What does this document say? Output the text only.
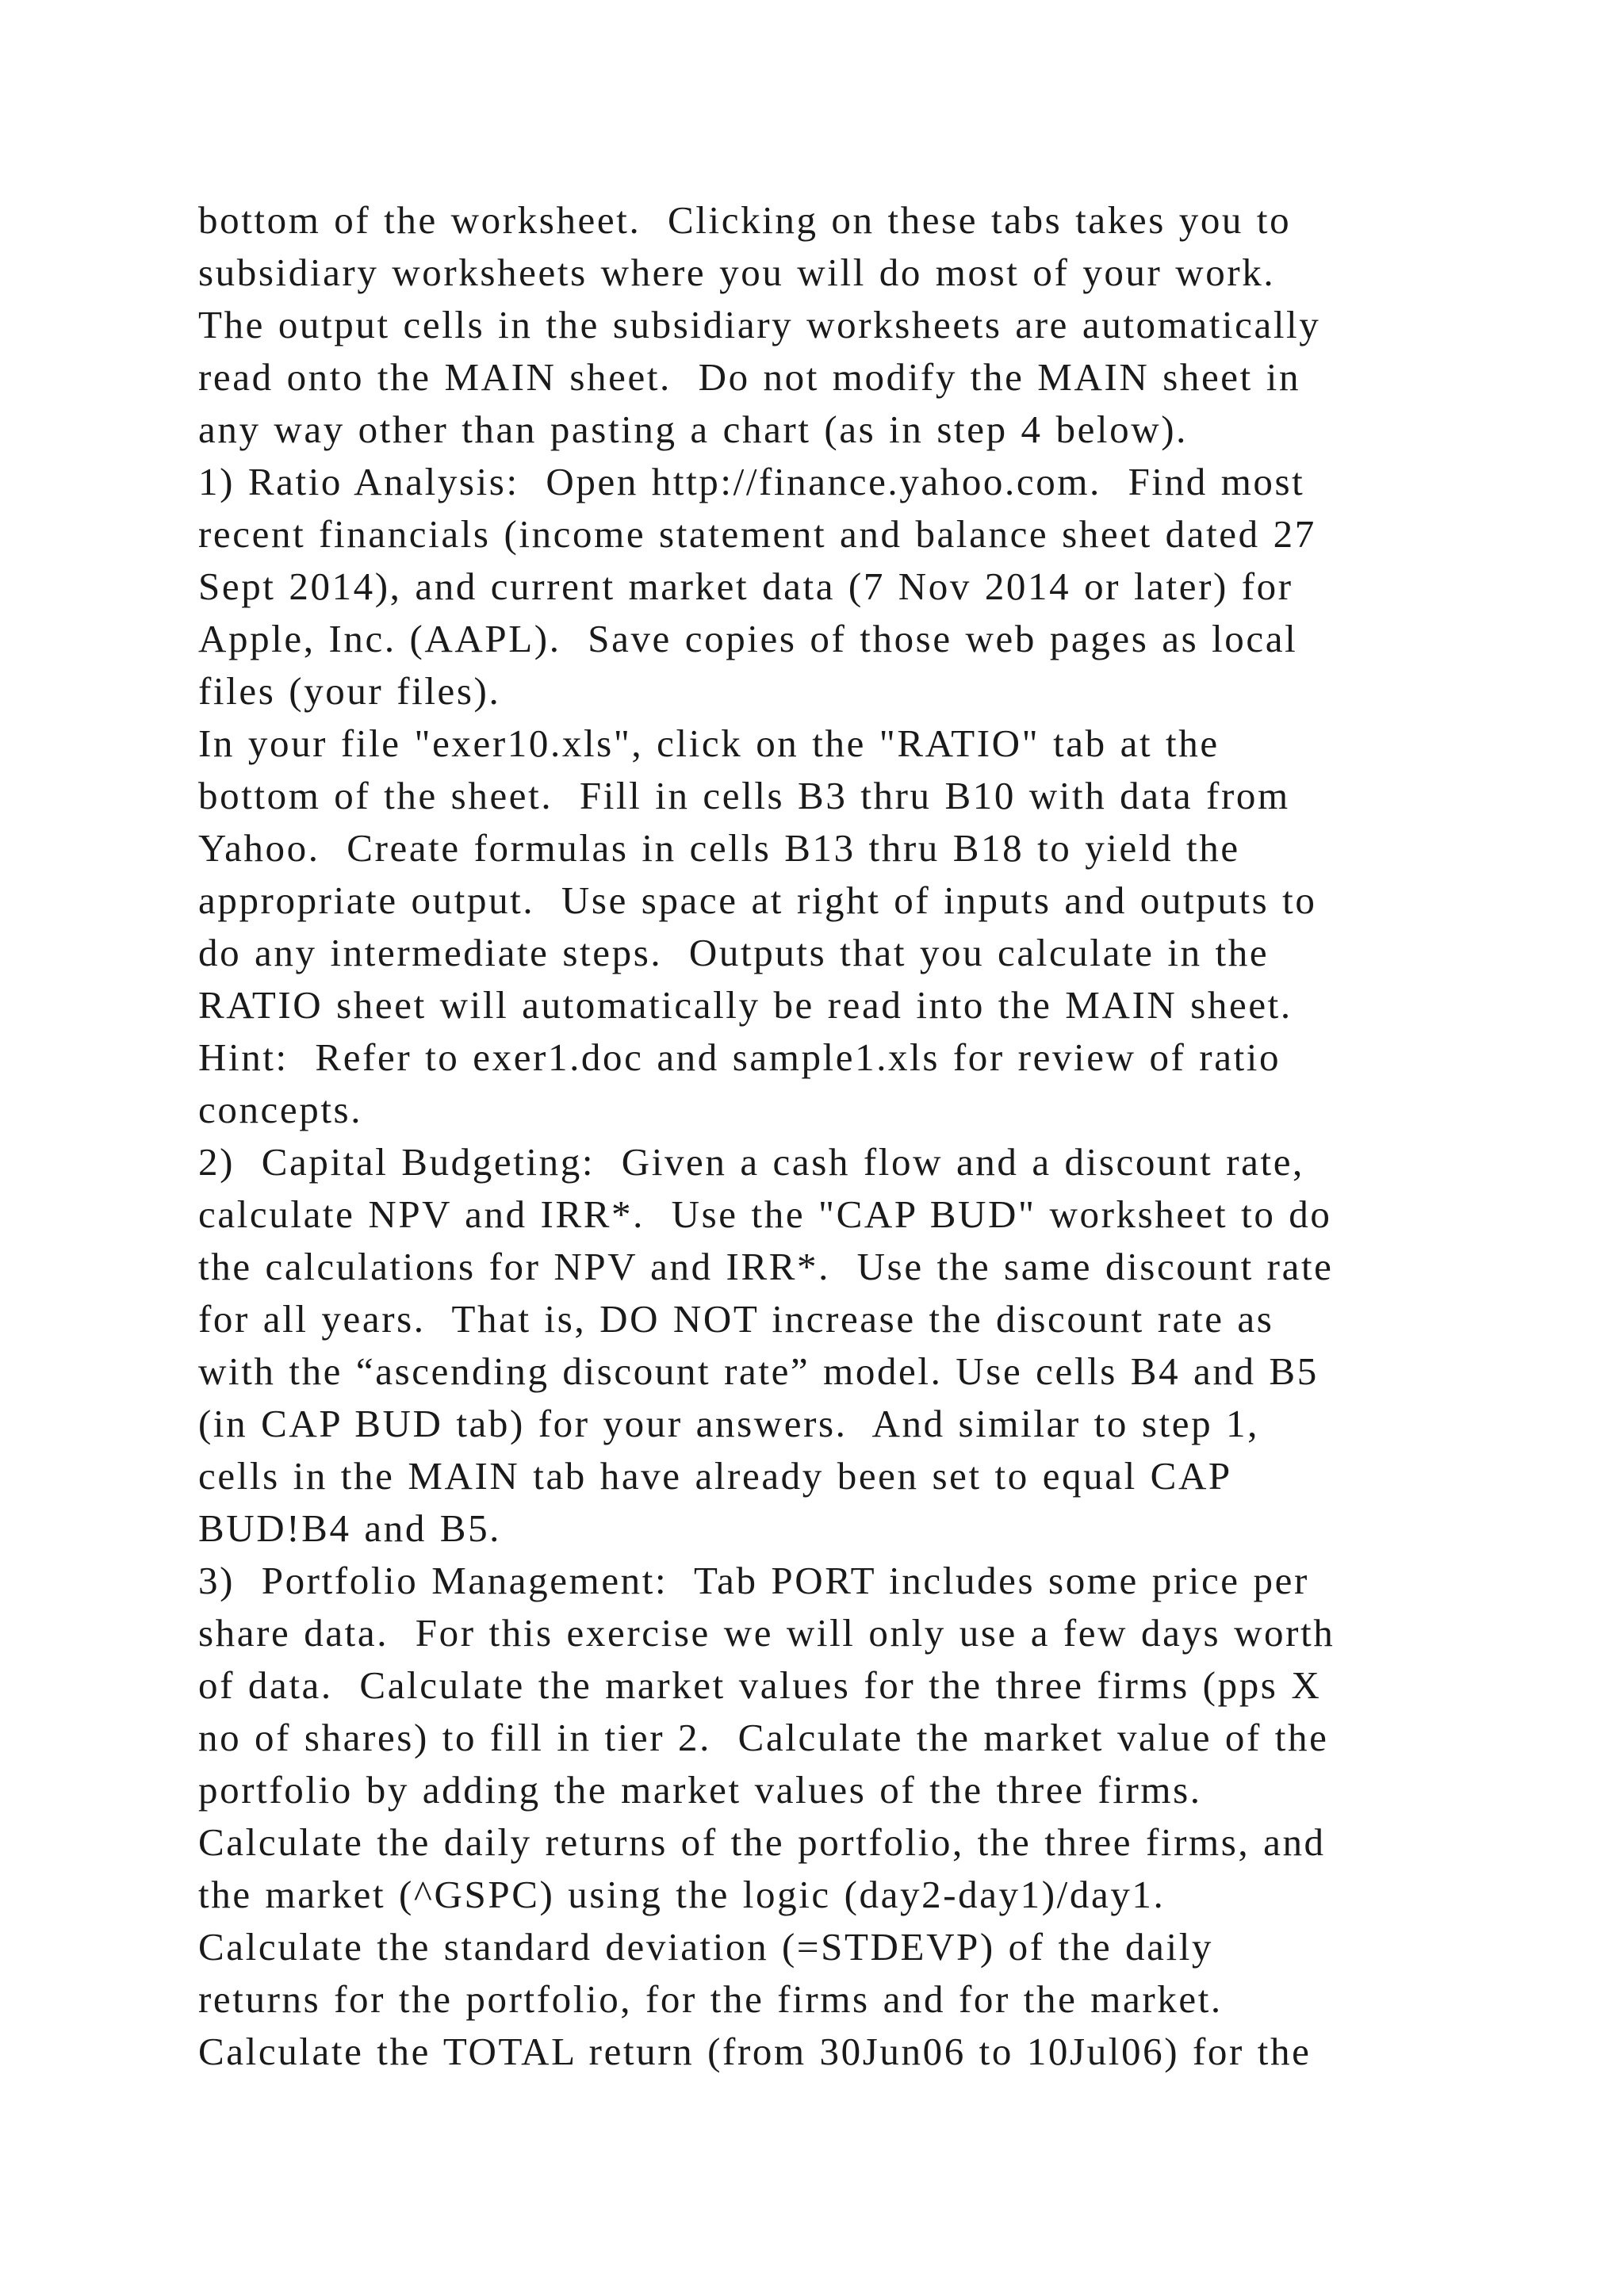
bottom of the worksheet.  Clicking on these tabs takes you to
subsidiary worksheets where you will do most of your work.
The output cells in the subsidiary worksheets are automatically
read onto the MAIN sheet.  Do not modify the MAIN sheet in
any way other than pasting a chart (as in step 4 below).
1) Ratio Analysis:  Open http://finance.yahoo.com.  Find most
recent financials (income statement and balance sheet dated 27
Sept 2014), and current market data (7 Nov 2014 or later) for
Apple, Inc. (AAPL).  Save copies of those web pages as local
files (your files).
In your file "exer10.xls", click on the "RATIO" tab at the
bottom of the sheet.  Fill in cells B3 thru B10 with data from
Yahoo.  Create formulas in cells B13 thru B18 to yield the
appropriate output.  Use space at right of inputs and outputs to
do any intermediate steps.  Outputs that you calculate in the
RATIO sheet will automatically be read into the MAIN sheet.
Hint:  Refer to exer1.doc and sample1.xls for review of ratio
concepts.
2)  Capital Budgeting:  Given a cash flow and a discount rate,
calculate NPV and IRR*.  Use the "CAP BUD" worksheet to do
the calculations for NPV and IRR*.  Use the same discount rate
for all years.  That is, DO NOT increase the discount rate as
with the “ascending discount rate” model. Use cells B4 and B5
(in CAP BUD tab) for your answers.  And similar to step 1,
cells in the MAIN tab have already been set to equal CAP
BUD!B4 and B5.
3)  Portfolio Management:  Tab PORT includes some price per
share data.  For this exercise we will only use a few days worth
of data.  Calculate the market values for the three firms (pps X
no of shares) to fill in tier 2.  Calculate the market value of the
portfolio by adding the market values of the three firms.
Calculate the daily returns of the portfolio, the three firms, and
the market (^GSPC) using the logic (day2-day1)/day1.
Calculate the standard deviation (=STDEVP) of the daily
returns for the portfolio, for the firms and for the market.
Calculate the TOTAL return (from 30Jun06 to 10Jul06) for the
